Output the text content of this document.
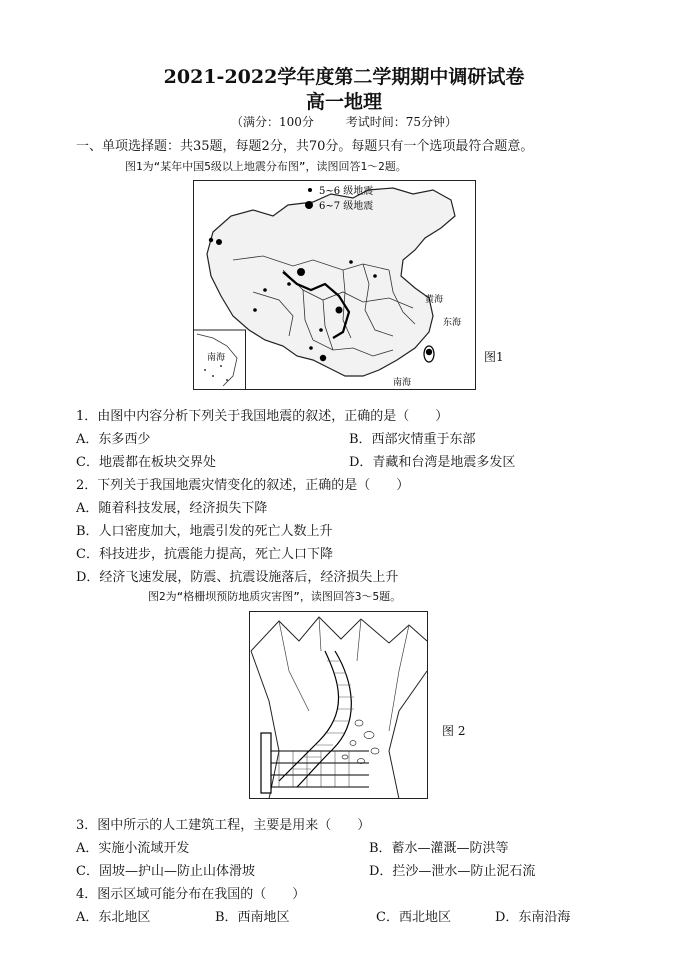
2021-2022学年度第二学期期中调研试卷
高一地理
（满分：100分	考试时间：75分钟）
一、单项选择题：共35题，每题2分，共70分。每题只有一个选项最符合题意。
图1为“某年中国5级以上地震分布图”，读图回答1～2题。
5~6 级地震
6~7 级地震
黄海
东海
南海
南海	图1
1．由图中内容分析下列关于我国地震的叙述，正确的是（　　）
A．东多西少	B．西部灾情重于东部
C．地震都在板块交界处	D．青藏和台湾是地震多发区
2．下列关于我国地震灾情变化的叙述，正确的是（　　）
A．随着科技发展，经济损失下降
B．人口密度加大，地震引发的死亡人数上升
C．科技进步，抗震能力提高，死亡人口下降
D．经济飞速发展，防震、抗震设施落后，经济损失上升
图2为“格栅坝预防地质灾害图”，读图回答3～5题。
图 2
3．图中所示的人工建筑工程，主要是用来（　　）
A．实施小流域开发	B．蓄水—灌溉—防洪等
C．固坡—护山—防止山体滑坡	D．拦沙—泄水—防止泥石流
4．图示区域可能分布在我国的（　　）
A．东北地区	B．西南地区	C．西北地区	D．东南沿海
